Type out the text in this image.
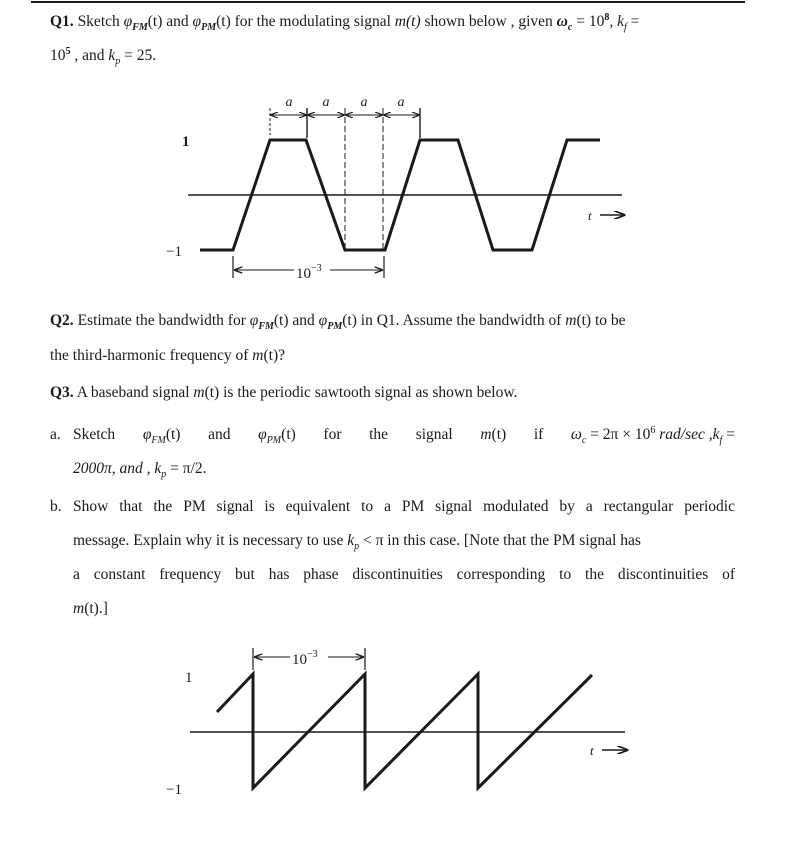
Q1. Sketch $\varphi_{FM}(t)$ and $\varphi_{PM}(t)$ for the modulating signal m(t) shown below , given $\omega_c = 10^8$, $k_f$ =
$10^5$ , and $k_p = 25$.
a a a a
1
−1
$10^{-3}$
t
Q2. Estimate the bandwidth for $\varphi_{FM}(t)$ and $\varphi_{PM}(t)$ in Q1. Assume the bandwidth of m(t) to be
the third-harmonic frequency of m(t)?
Q3. A baseband signal m(t) is the periodic sawtooth signal as shown below.
a. Sketch $\varphi_{FM}(t)$ and $\varphi_{PM}(t)$ for the signal m(t) if $\omega_c = 2\pi \times 10^6$ rad/sec $,k_f$ =
2000π, and , $k_p = \pi/2$.
b. Show that the PM signal is equivalent to a PM signal modulated by a rectangular periodic
message. Explain why it is necessary to use $k_p < \pi$ in this case. [Note that the PM signal has
a constant frequency but has phase discontinuities corresponding to the discontinuities of
m(t).]
$10^{-3}$
1
−1
t
